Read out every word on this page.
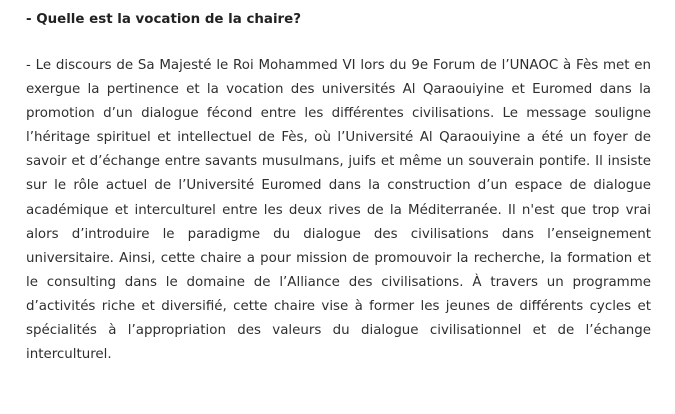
- Quelle est la vocation de la chaire?

- Le discours de Sa Majesté le Roi Mohammed VI lors du 9e Forum de l’UNAOC à Fès met en exergue la pertinence et la vocation des universités Al Qaraouiyine et Euromed dans la promotion d’un dialogue fécond entre les différentes civilisations. Le message souligne l’héritage spirituel et intellectuel de Fès, où l’Université Al Qaraouiyine a été un foyer de savoir et d’échange entre savants musulmans, juifs et même un souverain pontife. Il insiste sur le rôle actuel de l’Université Euromed dans la construction d’un espace de dialogue académique et interculturel entre les deux rives de la Méditerranée. Il n'est que trop vrai alors d’introduire le paradigme du dialogue des civilisations dans l’enseignement universitaire. Ainsi, cette chaire a pour mission de promouvoir la recherche, la formation et le consulting dans le domaine de l’Alliance des civilisations. À travers un programme d’activités riche et diversifié, cette chaire vise à former les jeunes de différents cycles et spécialités à l’appropriation des valeurs du dialogue civilisationnel et de l’échange interculturel.
